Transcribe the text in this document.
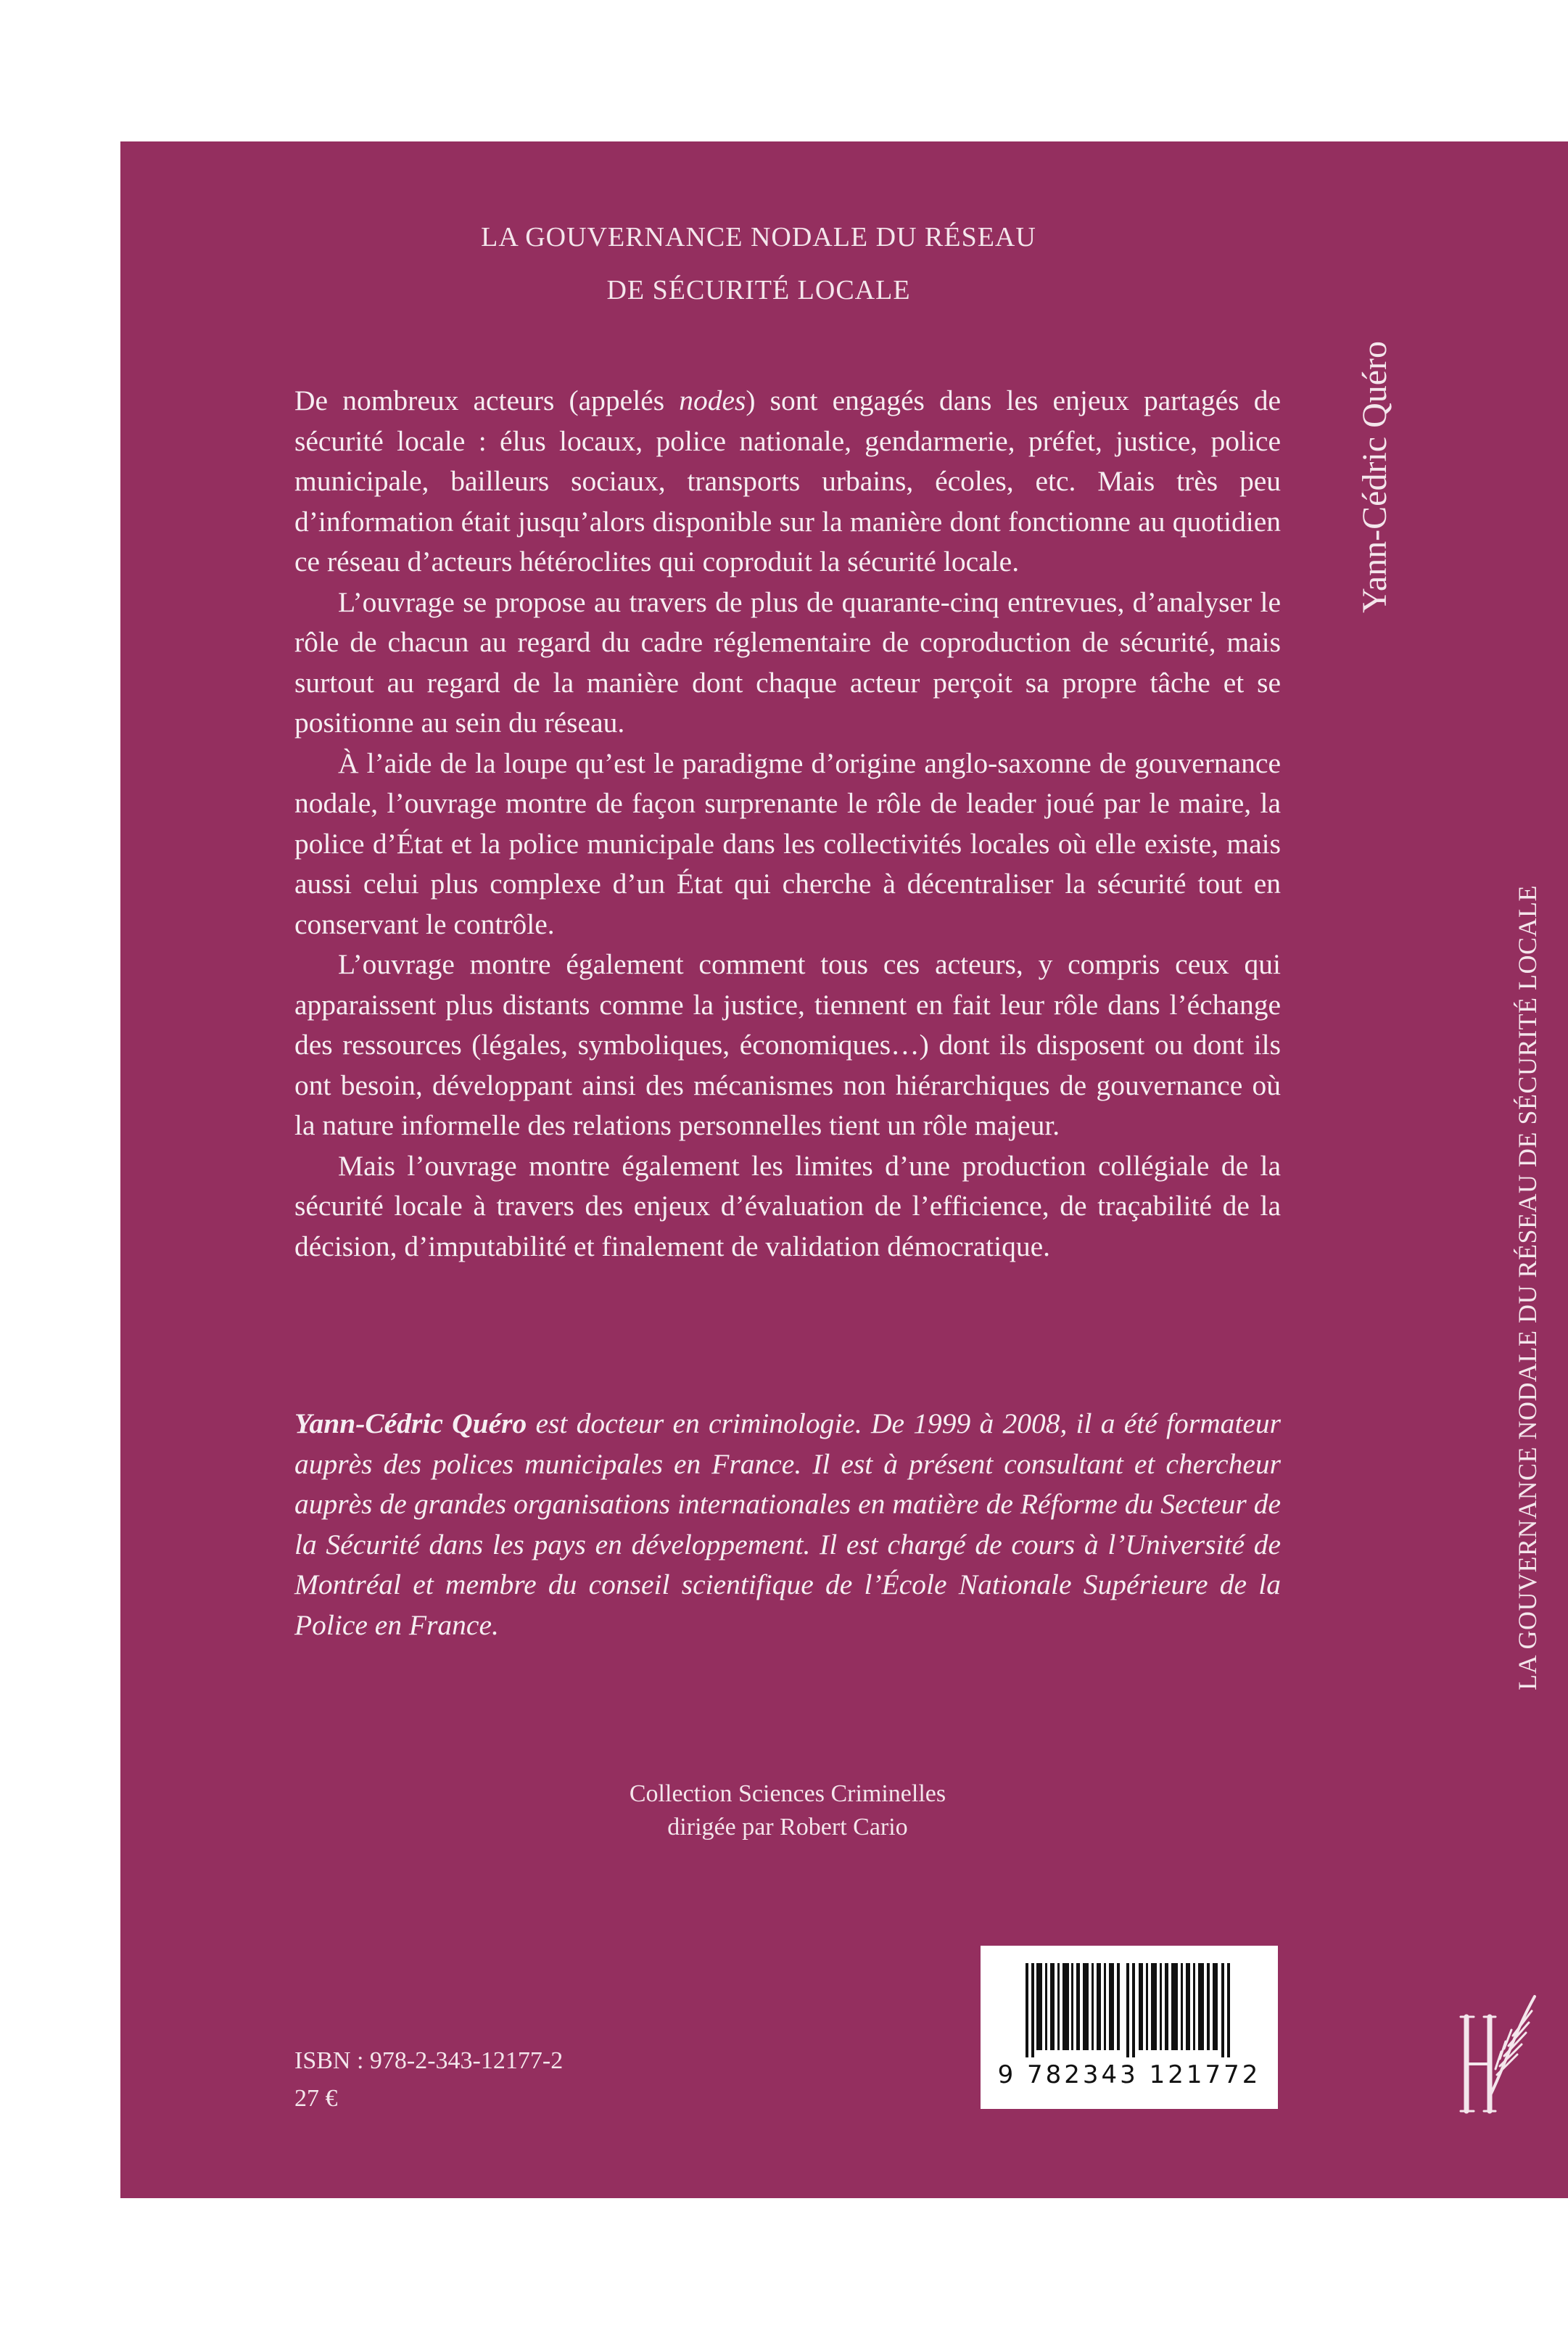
LA GOUVERNANCE NODALE DU RÉSEAU
DE SÉCURITÉ LOCALE

De nombreux acteurs (appelés nodes) sont engagés dans les enjeux partagés de sécurité locale : élus locaux, police nationale, gendarmerie, préfet, justice, police municipale, bailleurs sociaux, transports urbains, écoles, etc. Mais très peu d’information était jusqu’alors disponible sur la manière dont fonctionne au quotidien ce réseau d’acteurs hétéroclites qui coproduit la sécurité locale.

L’ouvrage se propose au travers de plus de quarante-cinq entrevues, d’analyser le rôle de chacun au regard du cadre réglementaire de coproduction de sécurité, mais surtout au regard de la manière dont chaque acteur perçoit sa propre tâche et se positionne au sein du réseau.

À l’aide de la loupe qu’est le paradigme d’origine anglo-saxonne de gouvernance nodale, l’ouvrage montre de façon surprenante le rôle de leader joué par le maire, la police d’État et la police municipale dans les collectivités locales où elle existe, mais aussi celui plus complexe d’un État qui cherche à décentraliser la sécurité tout en conservant le contrôle.

L’ouvrage montre également comment tous ces acteurs, y compris ceux qui apparaissent plus distants comme la justice, tiennent en fait leur rôle dans l’échange des ressources (légales, symboliques, économiques…) dont ils disposent ou dont ils ont besoin, développant ainsi des mécanismes non hiérarchiques de gouvernance où la nature informelle des relations personnelles tient un rôle majeur.

Mais l’ouvrage montre également les limites d’une production collégiale de la sécurité locale à travers des enjeux d’évaluation de l’efficience, de traçabilité de la décision, d’imputabilité et finalement de validation démocratique.

Yann-Cédric Quéro est docteur en criminologie. De 1999 à 2008, il a été formateur auprès des polices municipales en France. Il est à présent consultant et chercheur auprès de grandes organisations internationales en matière de Réforme du Secteur de la Sécurité dans les pays en développement. Il est chargé de cours à l’Université de Montréal et membre du conseil scientifique de l’École Nationale Supérieure de la Police en France.
Collection Sciences Criminelles
dirigée par Robert Cario
ISBN : 978-2-343-12177-2
27 €
9 782343 121772
Yann-Cédric Quéro
LA GOUVERNANCE NODALE DU RÉSEAU DE SÉCURITÉ LOCALE
